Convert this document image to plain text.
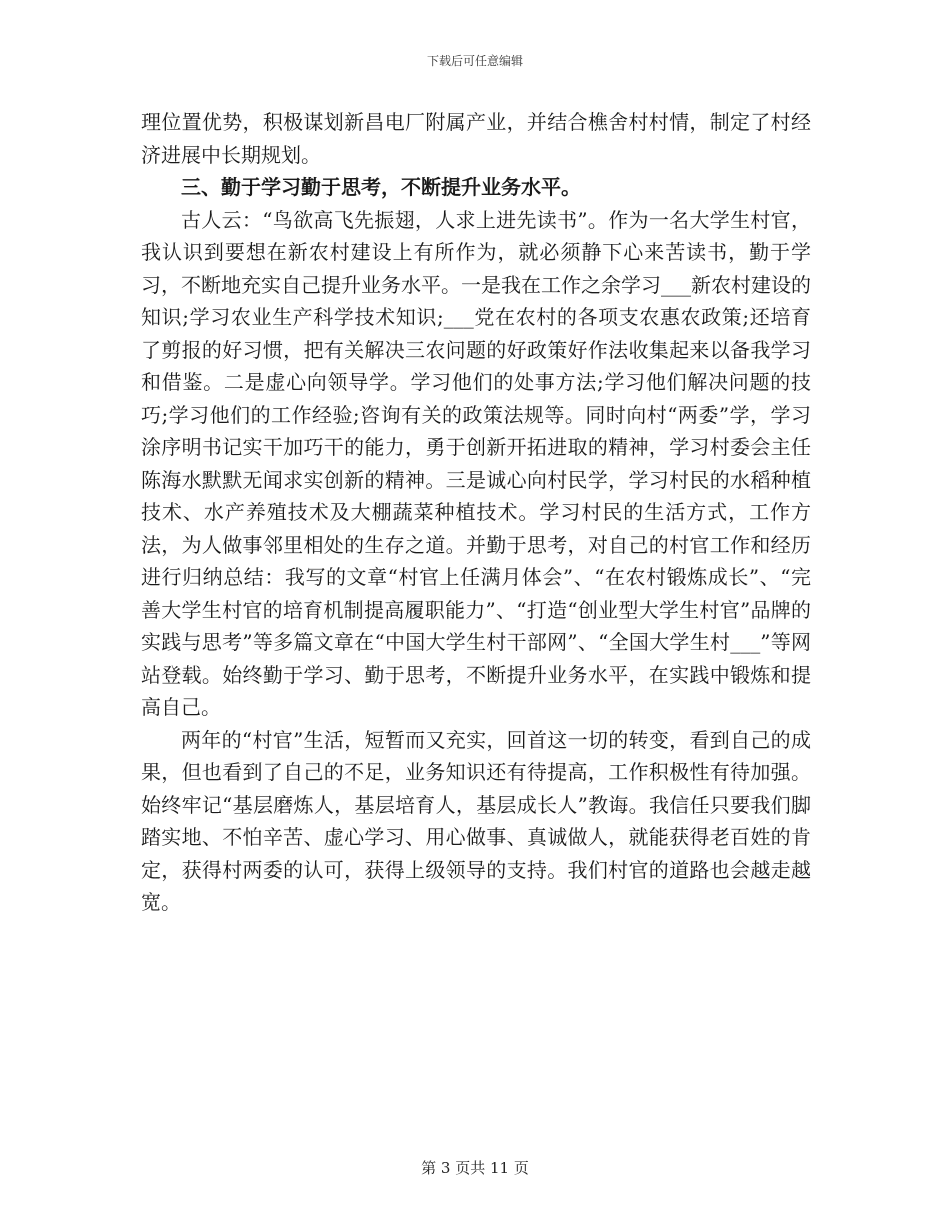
下载后可任意编辑

理位置优势，积极谋划新昌电厂附属产业，并结合樵舍村村情，制定了村经济进展中长期规划。

三、勤于学习勤于思考，不断提升业务水平。

古人云：“鸟欲高飞先振翅，人求上进先读书”。作为一名大学生村官，我认识到要想在新农村建设上有所作为，就必须静下心来苦读书，勤于学习，不断地充实自己提升业务水平。一是我在工作之余学习___新农村建设的知识;学习农业生产科学技术知识;___党在农村的各项支农惠农政策;还培育了剪报的好习惯，把有关解决三农问题的好政策好作法收集起来以备我学习和借鉴。二是虚心向领导学。学习他们的处事方法;学习他们解决问题的技巧;学习他们的工作经验;咨询有关的政策法规等。同时向村“两委”学，学习涂序明书记实干加巧干的能力，勇于创新开拓进取的精神，学习村委会主任陈海水默默无闻求实创新的精神。三是诚心向村民学，学习村民的水稻种植技术、水产养殖技术及大棚蔬菜种植技术。学习村民的生活方式，工作方法，为人做事邻里相处的生存之道。并勤于思考，对自己的村官工作和经历进行归纳总结：我写的文章“村官上任满月体会”、“在农村锻炼成长”、“完善大学生村官的培育机制提高履职能力”、“打造“创业型大学生村官”品牌的实践与思考”等多篇文章在“中国大学生村干部网”、“全国大学生村___”等网站登载。始终勤于学习、勤于思考，不断提升业务水平，在实践中锻炼和提高自己。

两年的“村官”生活，短暂而又充实，回首这一切的转变，看到自己的成果，但也看到了自己的不足，业务知识还有待提高，工作积极性有待加强。始终牢记“基层磨炼人，基层培育人，基层成长人”教诲。我信任只要我们脚踏实地、不怕辛苦、虚心学习、用心做事、真诚做人，就能获得老百姓的肯定，获得村两委的认可，获得上级领导的支持。我们村官的道路也会越走越宽。

第 3 页共 11 页
